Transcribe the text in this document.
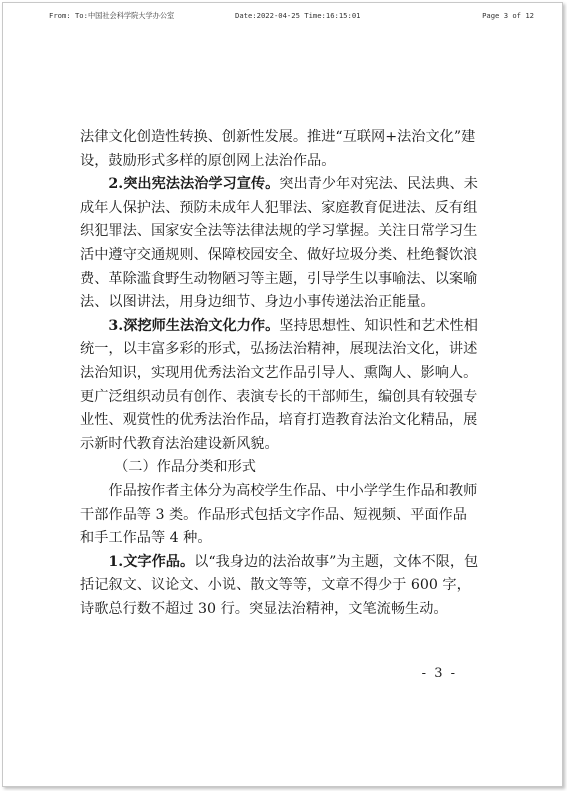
From: To:中国社会科学院大学办公室	Date:2022-04-25 Time:16:15:01	Page 3 of 12

法律文化创造性转换、创新性发展。推进“互联网+法治文化”建设，鼓励形式多样的原创网上法治作品。

2.突出宪法法治学习宣传。突出青少年对宪法、民法典、未成年人保护法、预防未成年人犯罪法、家庭教育促进法、反有组织犯罪法、国家安全法等法律法规的学习掌握。关注日常学习生活中遵守交通规则、保障校园安全、做好垃圾分类、杜绝餐饮浪费、革除滥食野生动物陋习等主题，引导学生以事喻法、以案喻法、以图讲法，用身边细节、身边小事传递法治正能量。

3.深挖师生法治文化力作。坚持思想性、知识性和艺术性相统一，以丰富多彩的形式，弘扬法治精神，展现法治文化，讲述法治知识，实现用优秀法治文艺作品引导人、熏陶人、影响人。更广泛组织动员有创作、表演专长的干部师生，编创具有较强专业性、观赏性的优秀法治作品，培育打造教育法治文化精品，展示新时代教育法治建设新风貌。

（二）作品分类和形式

作品按作者主体分为高校学生作品、中小学学生作品和教师干部作品等 3 类。作品形式包括文字作品、短视频、平面作品和手工作品等 4 种。

1.文字作品。以“我身边的法治故事”为主题，文体不限，包括记叙文、议论文、小说、散文等等，文章不得少于 600 字，诗歌总行数不超过 30 行。突显法治精神，文笔流畅生动。

- 3 -
